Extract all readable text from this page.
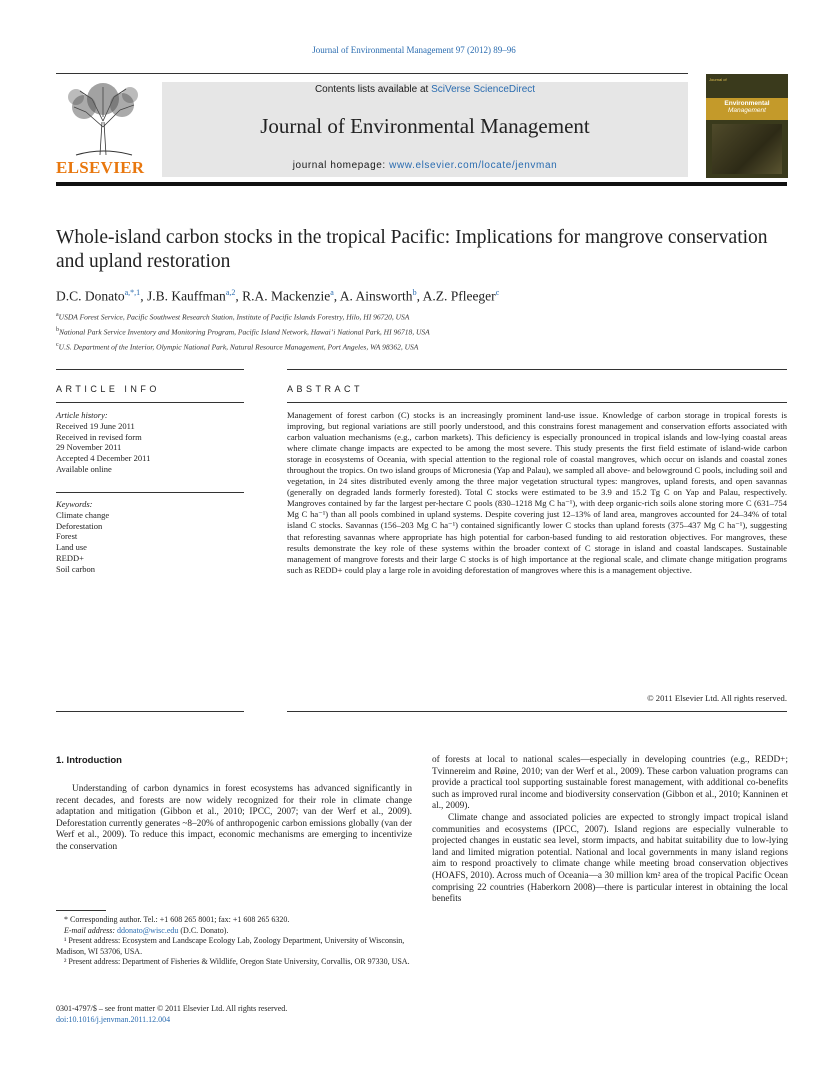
Journal of Environmental Management 97 (2012) 89–96
ELSEVIER
Contents lists available at SciVerse ScienceDirect
Journal of Environmental Management
journal homepage: www.elsevier.com/locate/jenvman
Journal of
Environmental
Management
Whole-island carbon stocks in the tropical Pacific: Implications for mangrove conservation and upland restoration
D.C. Donato$^{a,*,1}$, J.B. Kauffman$^{a,2}$, R.A. Mackenzie$^a$, A. Ainsworth$^b$, A.Z. Pfleeger$^c$
$^a$USDA Forest Service, Pacific Southwest Research Station, Institute of Pacific Islands Forestry, Hilo, HI 96720, USA
$^b$National Park Service Inventory and Monitoring Program, Pacific Island Network, Hawai’i National Park, HI 96718, USA
$^c$U.S. Department of the Interior, Olympic National Park, Natural Resource Management, Port Angeles, WA 98362, USA
ARTICLE INFO
Article history:
Received 19 June 2011
Received in revised form
29 November 2011
Accepted 4 December 2011
Available online
Keywords:
Climate change
Deforestation
Forest
Land use
REDD+
Soil carbon
ABSTRACT
Management of forest carbon (C) stocks is an increasingly prominent land-use issue. Knowledge of carbon storage in tropical forests is improving, but regional variations are still poorly understood, and this constrains forest management and conservation efforts associated with carbon valuation mechanisms (e.g., carbon markets). This deficiency is especially pronounced in tropical islands and low-lying coastal areas where climate change impacts are expected to be among the most severe. This study presents the first field estimate of island-wide carbon storage in ecosystems of Oceania, with special attention to the regional role of coastal mangroves, which occur on islands and coastal zones throughout the tropics. On two island groups of Micronesia (Yap and Palau), we sampled all above- and belowground C pools, including soil and vegetation, in 24 sites distributed evenly among the three major vegetation structural types: mangroves, upland forests, and open savannas (generally on degraded lands formerly forested). Total C stocks were estimated to be 3.9 and 15.2 Tg C on Yap and Palau, respectively. Mangroves contained by far the largest per-hectare C pools (830–1218 Mg C ha⁻¹), with deep organic-rich soils alone storing more C (631–754 Mg C ha⁻¹) than all pools combined in upland systems. Despite covering just 12–13% of land area, mangroves accounted for 24–34% of total island C stocks. Savannas (156–203 Mg C ha⁻¹) contained significantly lower C stocks than upland forests (375–437 Mg C ha⁻¹), suggesting that reforesting savannas where appropriate has high potential for carbon-based funding to aid restoration objectives. For mangroves, these results demonstrate the key role of these systems within the broader context of C storage in island and coastal landscapes. Sustainable management of mangrove forests and their large C stocks is of high importance at the regional scale, and climate change mitigation programs such as REDD+ could play a large role in avoiding deforestation of mangroves where this is a management objective.
© 2011 Elsevier Ltd. All rights reserved.
1. Introduction

Understanding of carbon dynamics in forest ecosystems has advanced significantly in recent decades, and forests are now widely recognized for their role in climate change adaptation and mitigation (Gibbon et al., 2010; IPCC, 2007; van der Werf et al., 2009). Deforestation currently generates ~8–20% of anthropogenic carbon emissions globally (van der Werf et al., 2009). To reduce this impact, economic mechanisms are emerging to incentivize the conservation

of forests at local to national scales—especially in developing countries (e.g., REDD+; Tvinnereim and Røine, 2010; van der Werf et al., 2009). These carbon valuation programs can provide a practical tool supporting sustainable forest management, with additional co-benefits such as improved rural income and biodiversity conservation (Gibbon et al., 2010; Kanninen et al., 2009).

Climate change and associated policies are expected to strongly impact tropical island communities and ecosystems (IPCC, 2007). Island regions are especially vulnerable to projected changes in eustatic sea level, storm impacts, and habitat suitability due to low-lying land and limited migration potential. National and local governments in many island regions aim to respond proactively to climate change while meeting broad conservation objectives (HOAFS, 2010). Across much of Oceania—a 30 million km² area of the tropical Pacific Ocean comprising 22 countries (Haberkorn 2008)—there is particular interest in obtaining the local benefits

* Corresponding author. Tel.: +1 608 265 8001; fax: +1 608 265 6320.

E-mail address: ddonato@wisc.edu (D.C. Donato).

¹ Present address: Ecosystem and Landscape Ecology Lab, Zoology Department, University of Wisconsin, Madison, WI 53706, USA.

² Present address: Department of Fisheries & Wildlife, Oregon State University, Corvallis, OR 97330, USA.

0301-4797/$ – see front matter © 2011 Elsevier Ltd. All rights reserved.
doi:10.1016/j.jenvman.2011.12.004
